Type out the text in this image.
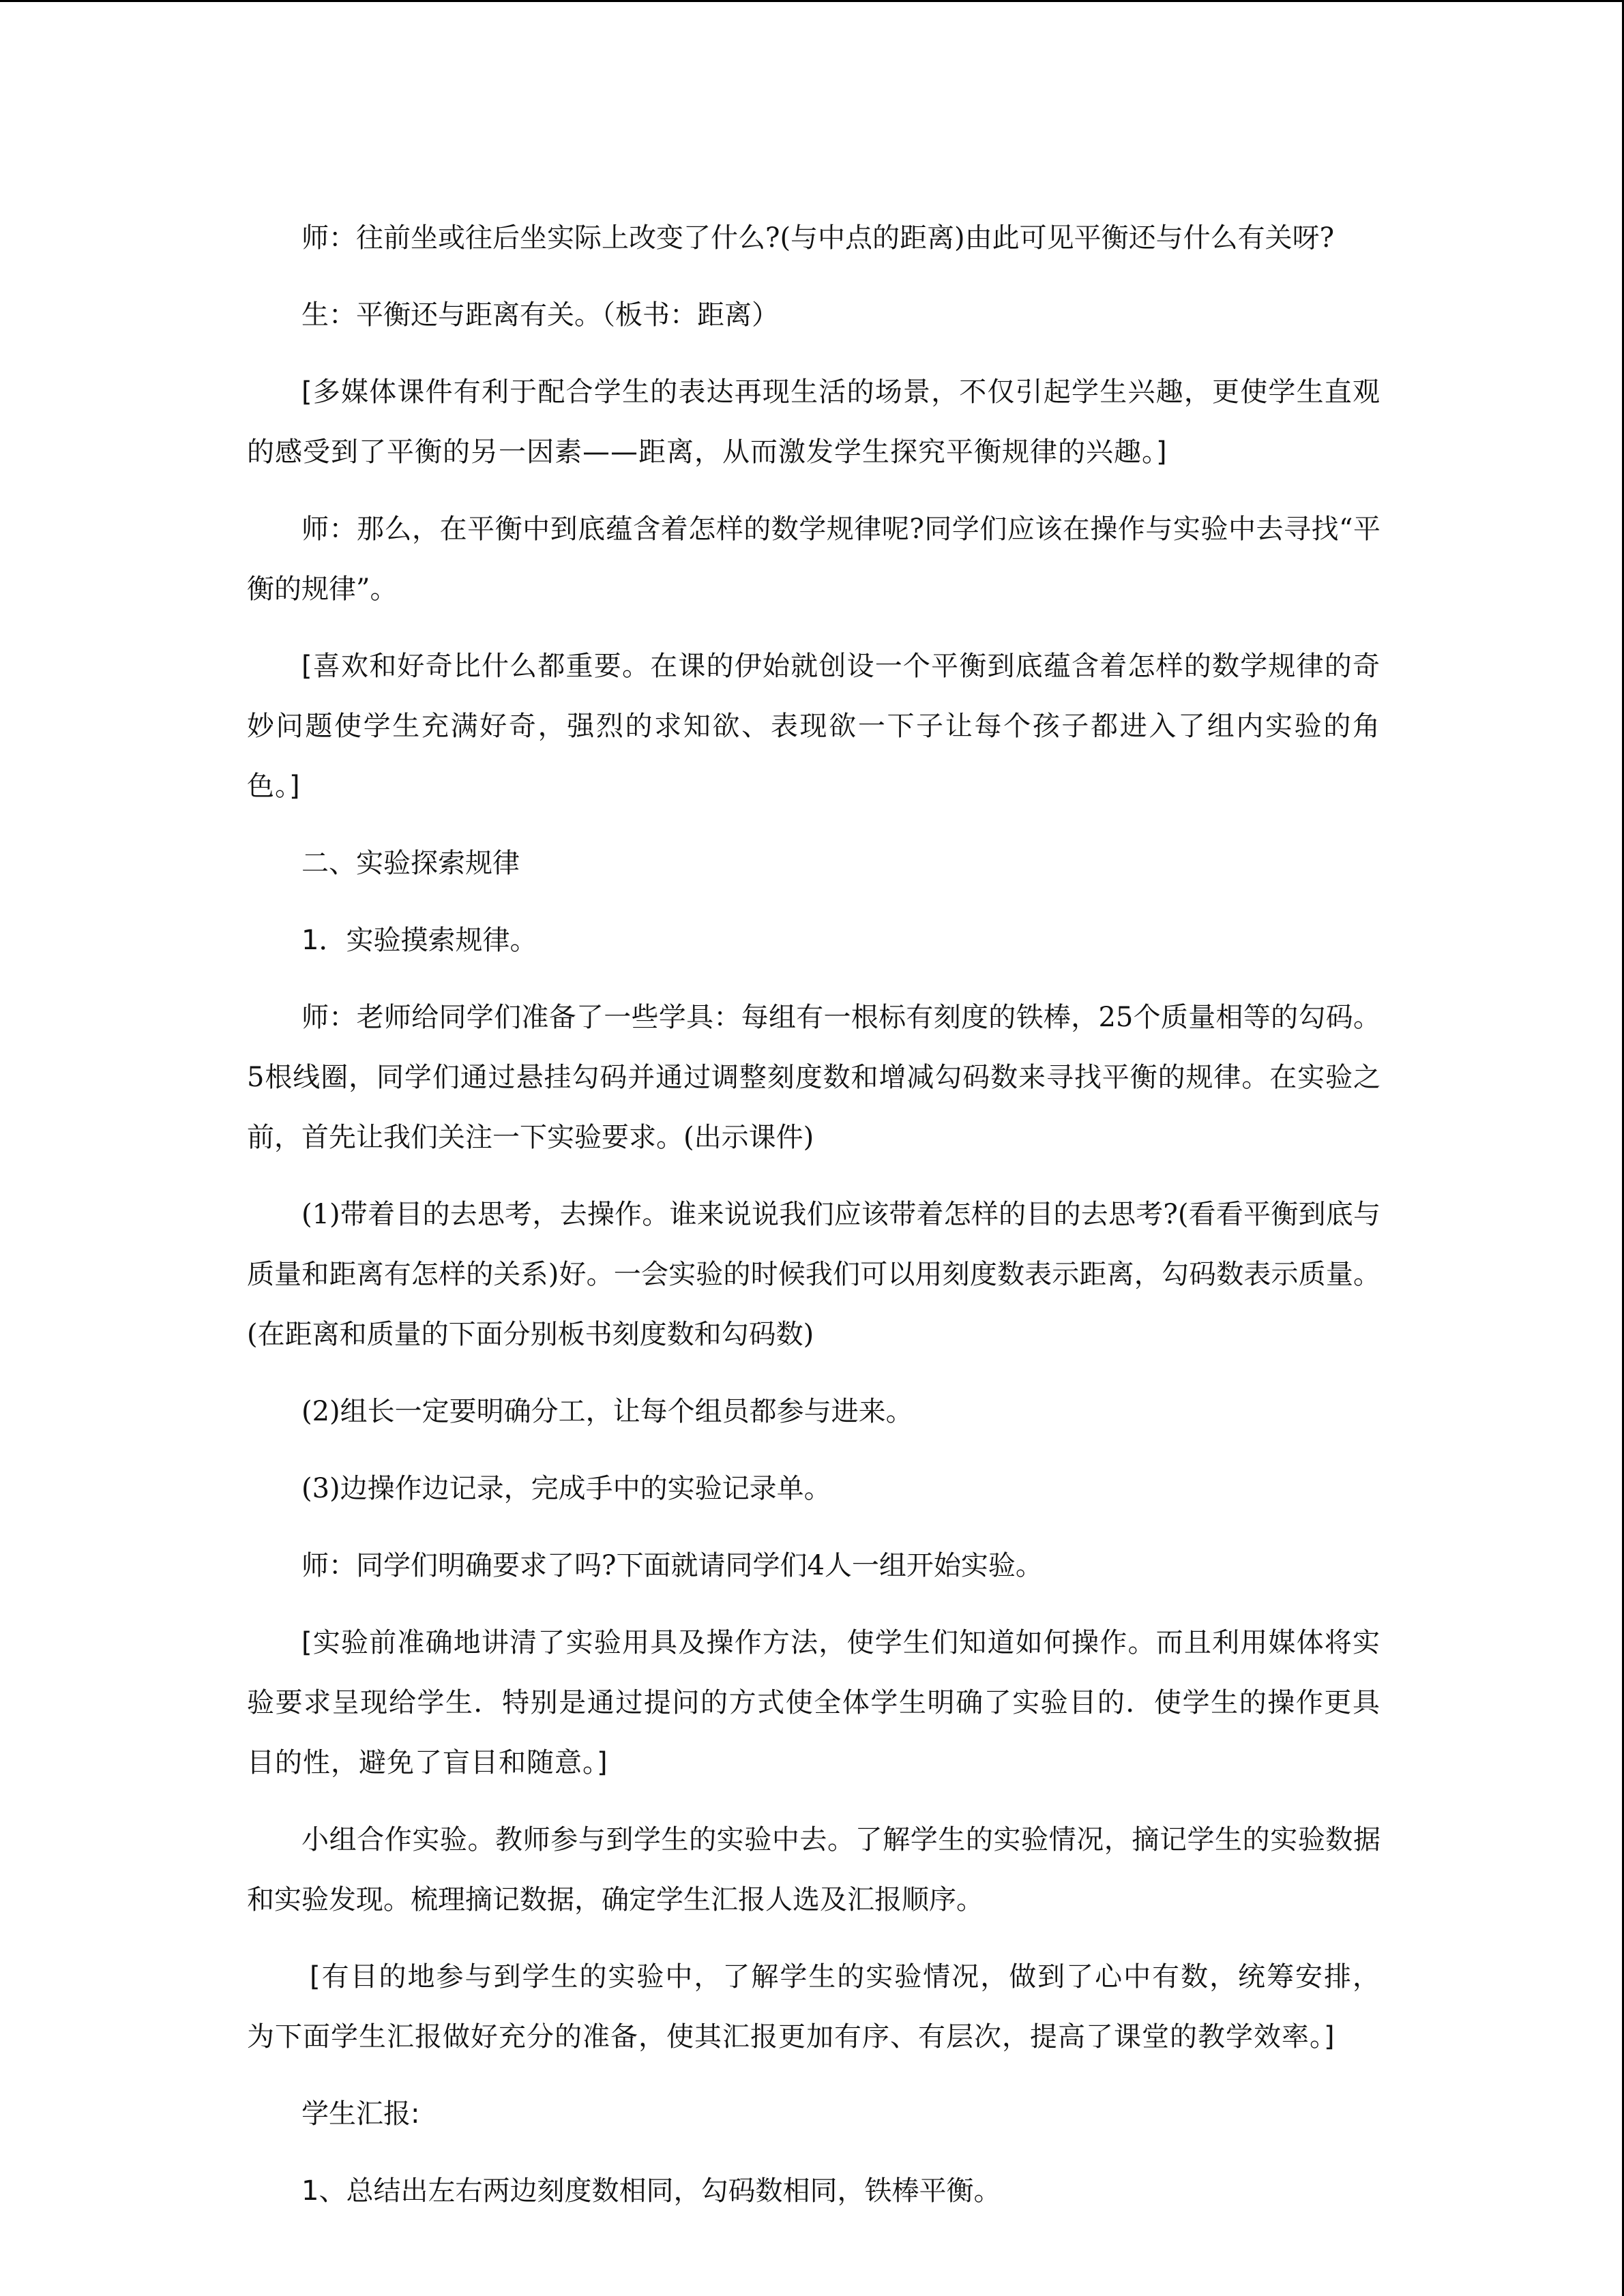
师：往前坐或往后坐实际上改变了什么?(与中点的距离)由此可见平衡还与什么有关呀?

生：平衡还与距离有关。（板书：距离）

[多媒体课件有利于配合学生的表达再现生活的场景，不仅引起学生兴趣，更使学生直观的感受到了平衡的另一因素——距离，从而激发学生探究平衡规律的兴趣。]

师：那么，在平衡中到底蕴含着怎样的数学规律呢?同学们应该在操作与实验中去寻找“平衡的规律”。

[喜欢和好奇比什么都重要。在课的伊始就创设一个平衡到底蕴含着怎样的数学规律的奇妙问题使学生充满好奇，强烈的求知欲、表现欲一下子让每个孩子都进入了组内实验的角色。]

二、实验探索规律

1．实验摸索规律。

师：老师给同学们准备了一些学具：每组有一根标有刻度的铁棒，25个质量相等的勾码。5根线圈，同学们通过悬挂勾码并通过调整刻度数和增减勾码数来寻找平衡的规律。在实验之前，首先让我们关注一下实验要求。(出示课件)

(1)带着目的去思考，去操作。谁来说说我们应该带着怎样的目的去思考?(看看平衡到底与质量和距离有怎样的关系)好。一会实验的时候我们可以用刻度数表示距离，勾码数表示质量。(在距离和质量的下面分别板书刻度数和勾码数)

(2)组长一定要明确分工，让每个组员都参与进来。

(3)边操作边记录，完成手中的实验记录单。

师：同学们明确要求了吗?下面就请同学们4人一组开始实验。

[实验前准确地讲清了实验用具及操作方法，使学生们知道如何操作。而且利用媒体将实验要求呈现给学生．特别是通过提问的方式使全体学生明确了实验目的．使学生的操作更具目的性，避免了盲目和随意。]

小组合作实验。教师参与到学生的实验中去。了解学生的实验情况，摘记学生的实验数据和实验发现。梳理摘记数据，确定学生汇报人选及汇报顺序。

[有目的地参与到学生的实验中，了解学生的实验情况，做到了心中有数，统筹安排，为下面学生汇报做好充分的准备，使其汇报更加有序、有层次，提高了课堂的教学效率。]

学生汇报:

1、总结出左右两边刻度数相同，勾码数相同，铁棒平衡。
